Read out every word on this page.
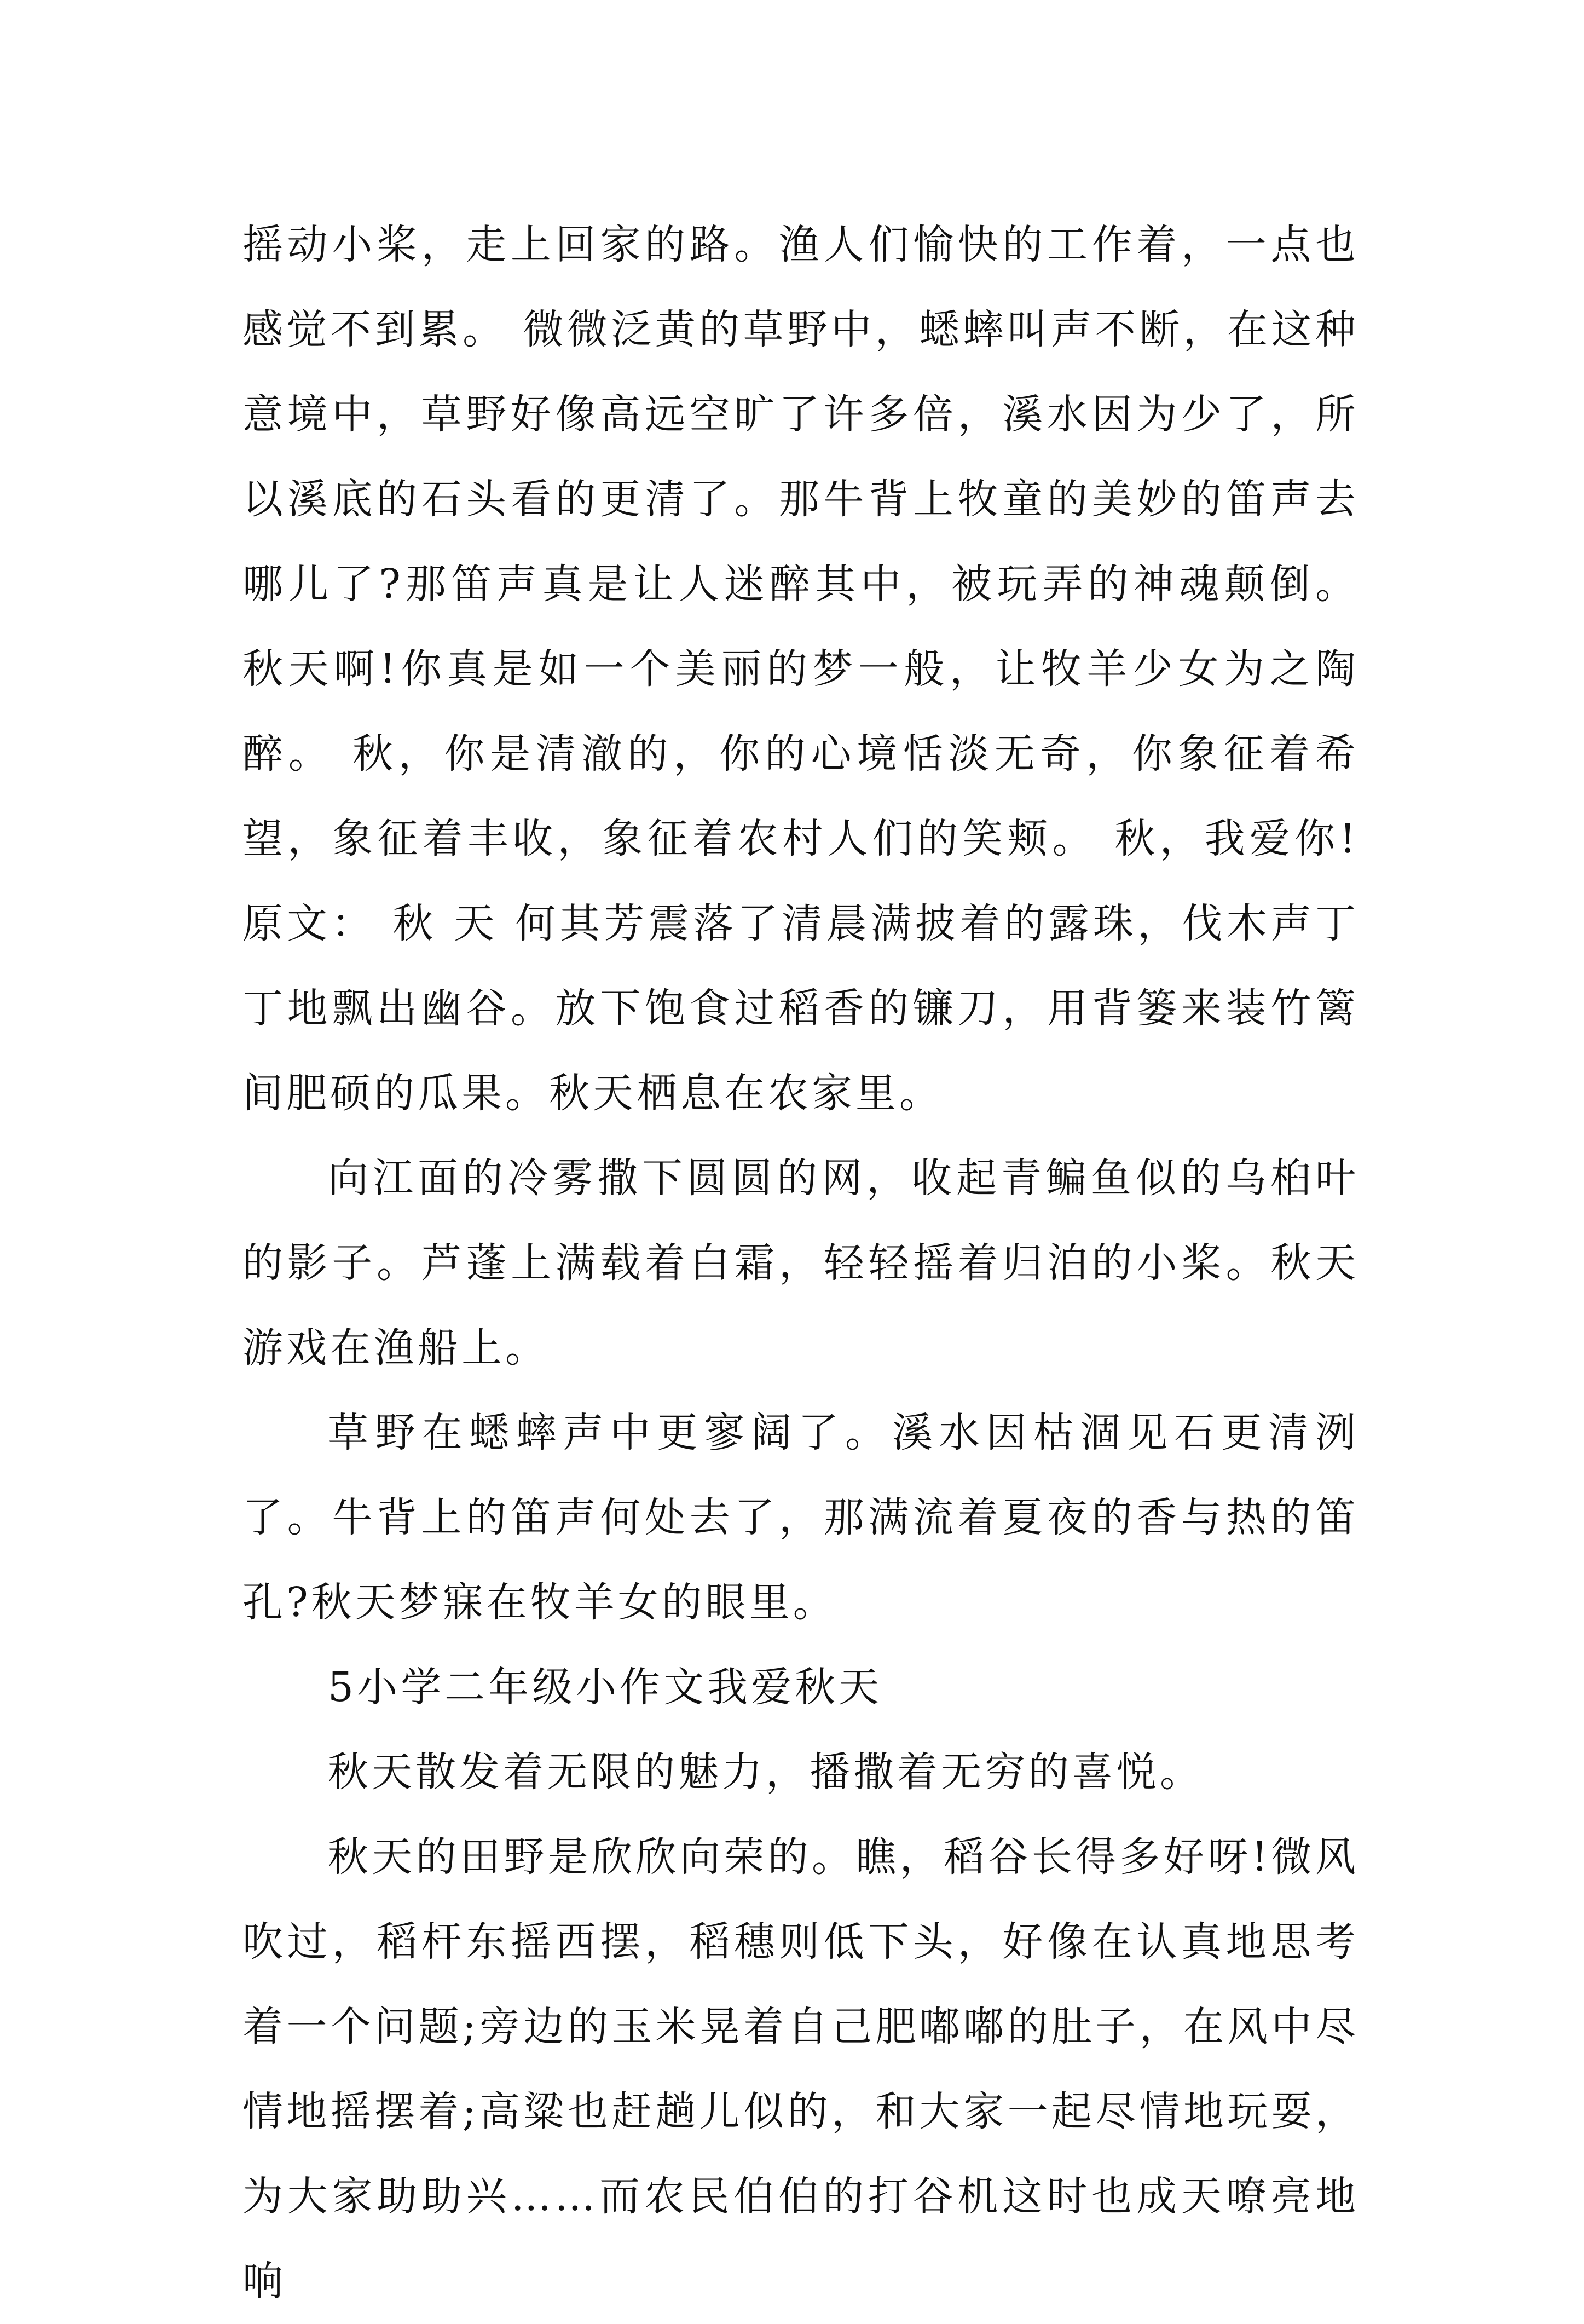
摇动小桨，走上回家的路。渔人们愉快的工作着，一点也感觉不到累。 微微泛黄的草野中，蟋蟀叫声不断，在这种意境中，草野好像高远空旷了许多倍，溪水因为少了，所以溪底的石头看的更清了。那牛背上牧童的美妙的笛声去哪儿了?那笛声真是让人迷醉其中，被玩弄的神魂颠倒。秋天啊!你真是如一个美丽的梦一般，让牧羊少女为之陶醉。 秋，你是清澈的，你的心境恬淡无奇，你象征着希望，象征着丰收，象征着农村人们的笑颊。 秋，我爱你!原文： 秋 天 何其芳震落了清晨满披着的露珠，伐木声丁丁地飘出幽谷。放下饱食过稻香的镰刀，用背篓来装竹篱间肥硕的瓜果。秋天栖息在农家里。

向江面的冷雾撒下圆圆的网，收起青鳊鱼似的乌桕叶的影子。芦蓬上满载着白霜，轻轻摇着归泊的小桨。秋天游戏在渔船上。

草野在蟋蟀声中更寥阔了。溪水因枯涸见石更清洌了。牛背上的笛声何处去了，那满流着夏夜的香与热的笛孔?秋天梦寐在牧羊女的眼里。

5小学二年级小作文我爱秋天

秋天散发着无限的魅力，播撒着无穷的喜悦。

秋天的田野是欣欣向荣的。瞧，稻谷长得多好呀!微风吹过，稻杆东摇西摆，稻穗则低下头，好像在认真地思考着一个问题;旁边的玉米晃着自己肥嘟嘟的肚子，在风中尽情地摇摆着;高粱也赶趟儿似的，和大家一起尽情地玩耍，为大家助助兴……而农民伯伯的打谷机这时也成天嘹亮地响
